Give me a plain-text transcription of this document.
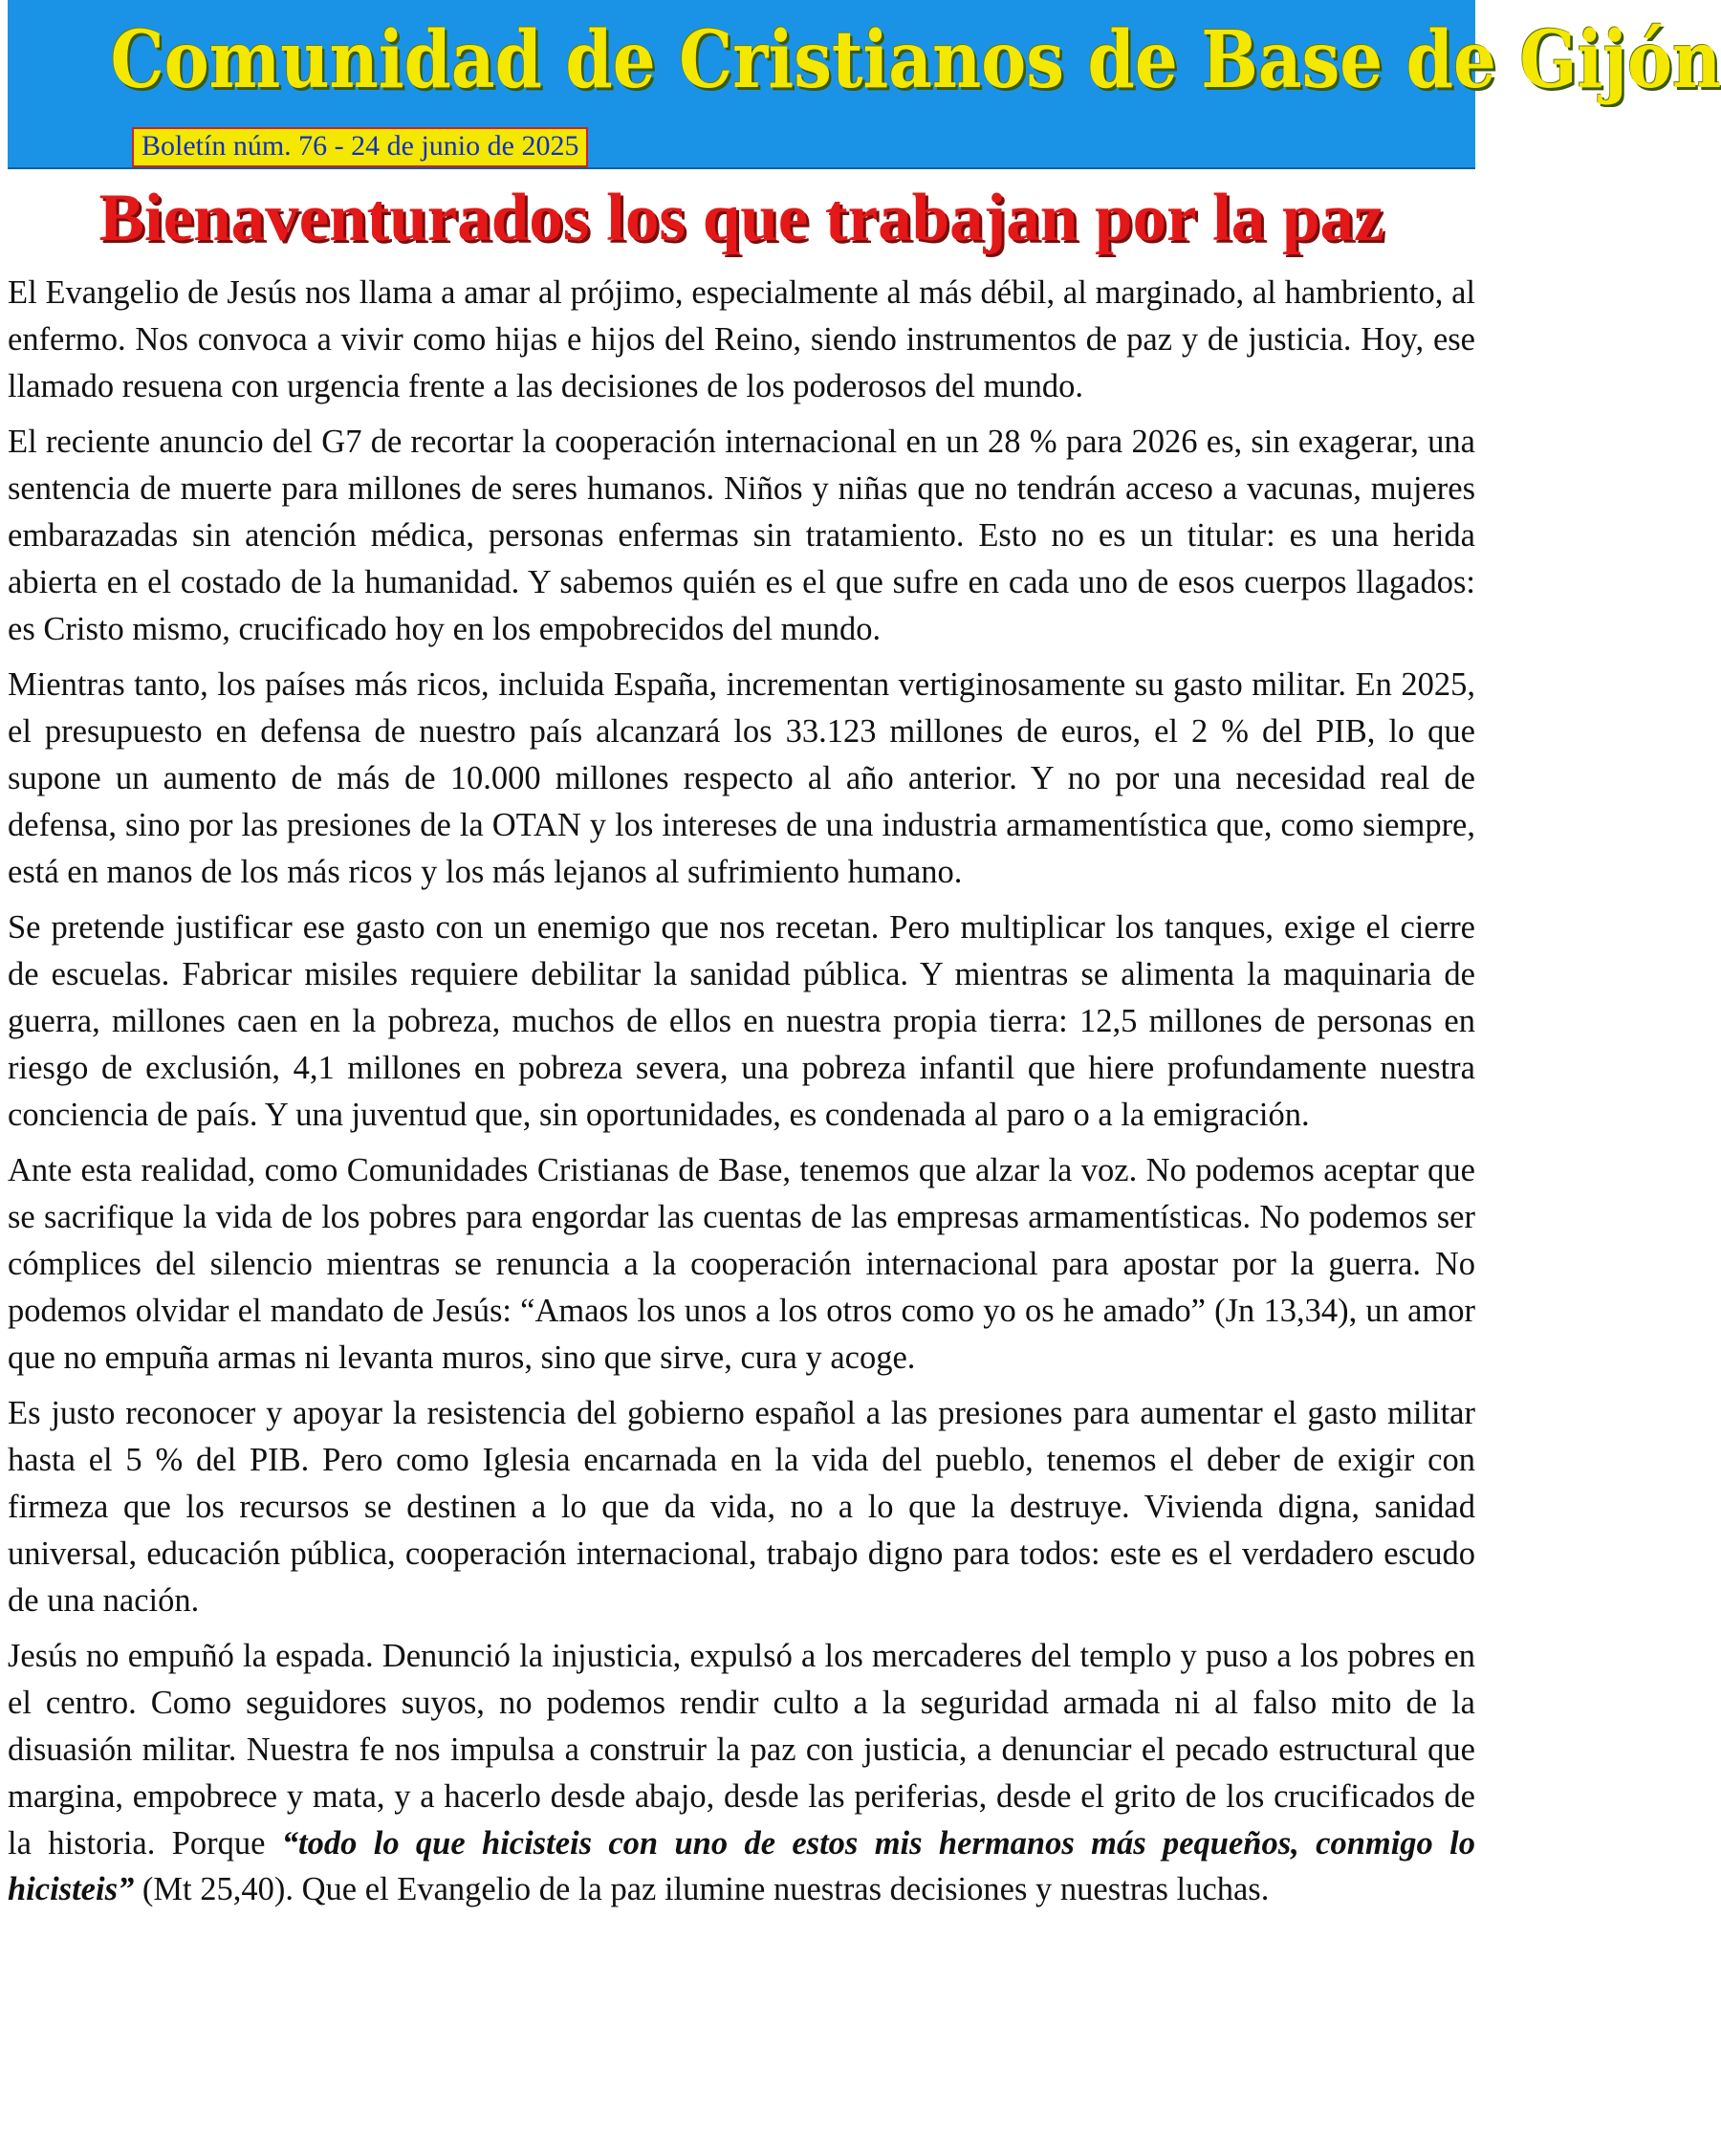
Comunidad de Cristianos de Base de Gijón
Boletín núm. 76 - 24 de junio de 2025
Bienaventurados los que trabajan por la paz

El Evangelio de Jesús nos llama a amar al prójimo, especialmente al más débil, al marginado, al hambriento, al enfermo. Nos convoca a vivir como hijas e hijos del Reino, siendo instrumentos de paz y de justicia. Hoy, ese llamado resuena con urgencia frente a las decisiones de los poderosos del mundo.

El reciente anuncio del G7 de recortar la cooperación internacional en un 28 % para 2026 es, sin exagerar, una sentencia de muerte para millones de seres humanos. Niños y niñas que no tendrán acceso a vacunas, mujeres embarazadas sin atención médica, personas enfermas sin tratamiento. Esto no es un titular: es una herida abierta en el costado de la humanidad. Y sabemos quién es el que sufre en cada uno de esos cuerpos llagados: es Cristo mismo, crucificado hoy en los empobrecidos del mundo.

Mientras tanto, los países más ricos, incluida España, incrementan vertiginosamente su gasto militar. En 2025, el presupuesto en defensa de nuestro país alcanzará los 33.123 millones de euros, el 2 % del PIB, lo que supone un aumento de más de 10.000 millones respecto al año anterior. Y no por una necesidad real de defensa, sino por las presiones de la OTAN y los intereses de una industria armamentística que, como siempre, está en manos de los más ricos y los más lejanos al sufrimiento humano.

Se pretende justificar ese gasto con un enemigo que nos recetan. Pero multiplicar los tanques, exige el cierre de escuelas. Fabricar misiles requiere debilitar la sanidad pública. Y mientras se alimenta la maquinaria de guerra, millones caen en la pobreza, muchos de ellos en nuestra propia tierra: 12,5 millones de personas en riesgo de exclusión, 4,1 millones en pobreza severa, una pobreza infantil que hiere profundamente nuestra conciencia de país. Y una juventud que, sin oportunidades, es condenada al paro o a la emigración.

Ante esta realidad, como Comunidades Cristianas de Base, tenemos que alzar la voz. No podemos aceptar que se sacrifique la vida de los pobres para engordar las cuentas de las empresas armamentísticas. No podemos ser cómplices del silencio mientras se renuncia a la cooperación internacional para apostar por la guerra. No podemos olvidar el mandato de Jesús: “Amaos los unos a los otros como yo os he amado” (Jn 13,34), un amor que no empuña armas ni levanta muros, sino que sirve, cura y acoge.

Es justo reconocer y apoyar la resistencia del gobierno español a las presiones para aumentar el gasto militar hasta el 5 % del PIB. Pero como Iglesia encarnada en la vida del pueblo, tenemos el deber de exigir con firmeza que los recursos se destinen a lo que da vida, no a lo que la destruye. Vivienda digna, sanidad universal, educación pública, cooperación internacional, trabajo digno para todos: este es el verdadero escudo de una nación.

Jesús no empuñó la espada. Denunció la injusticia, expulsó a los mercaderes del templo y puso a los pobres en el centro. Como seguidores suyos, no podemos rendir culto a la seguridad armada ni al falso mito de la disuasión militar. Nuestra fe nos impulsa a construir la paz con justicia, a denunciar el pecado estructural que margina, empobrece y mata, y a hacerlo desde abajo, desde las periferias, desde el grito de los crucificados de la historia. Porque “todo lo que hicisteis con uno de estos mis hermanos más pequeños, conmigo lo hicisteis” (Mt 25,40). Que el Evangelio de la paz ilumine nuestras decisiones y nuestras luchas.
